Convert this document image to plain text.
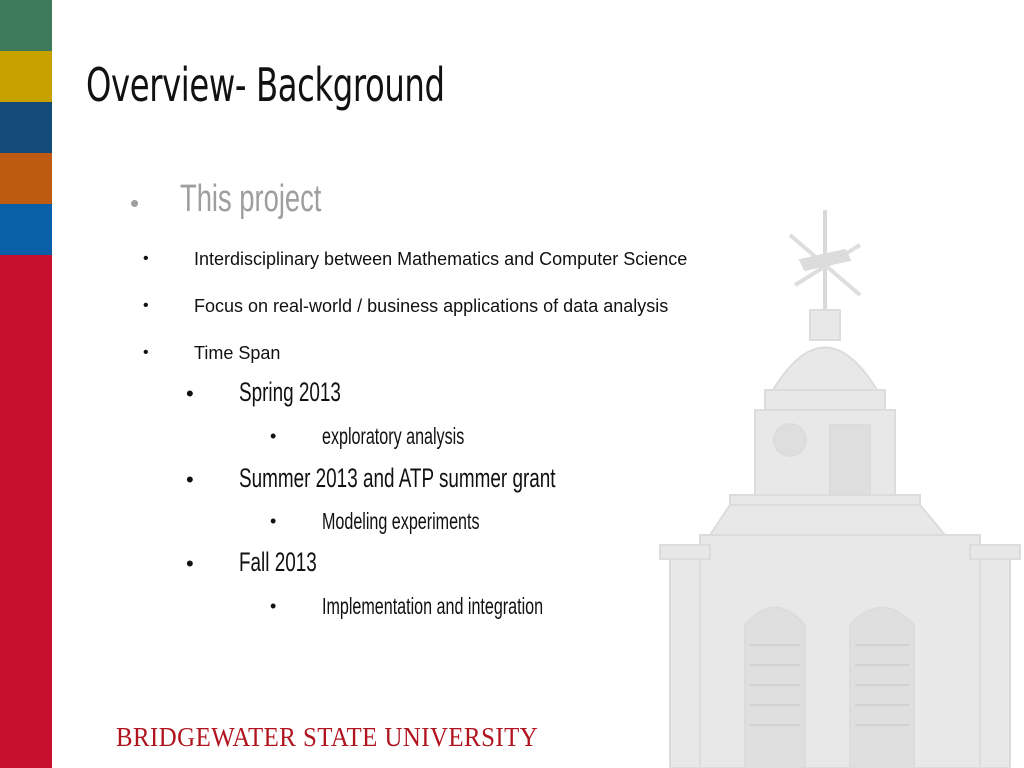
Overview- Background
• This project
•	Interdisciplinary between Mathematics and Computer Science
•	Focus on real-world / business applications of data analysis
•	Time Span
• Spring 2013
• exploratory analysis
• Summer 2013 and ATP summer grant
• Modeling experiments
• Fall 2013
• Implementation and integration
BRIDGEWATER STATE UNIVERSITY
